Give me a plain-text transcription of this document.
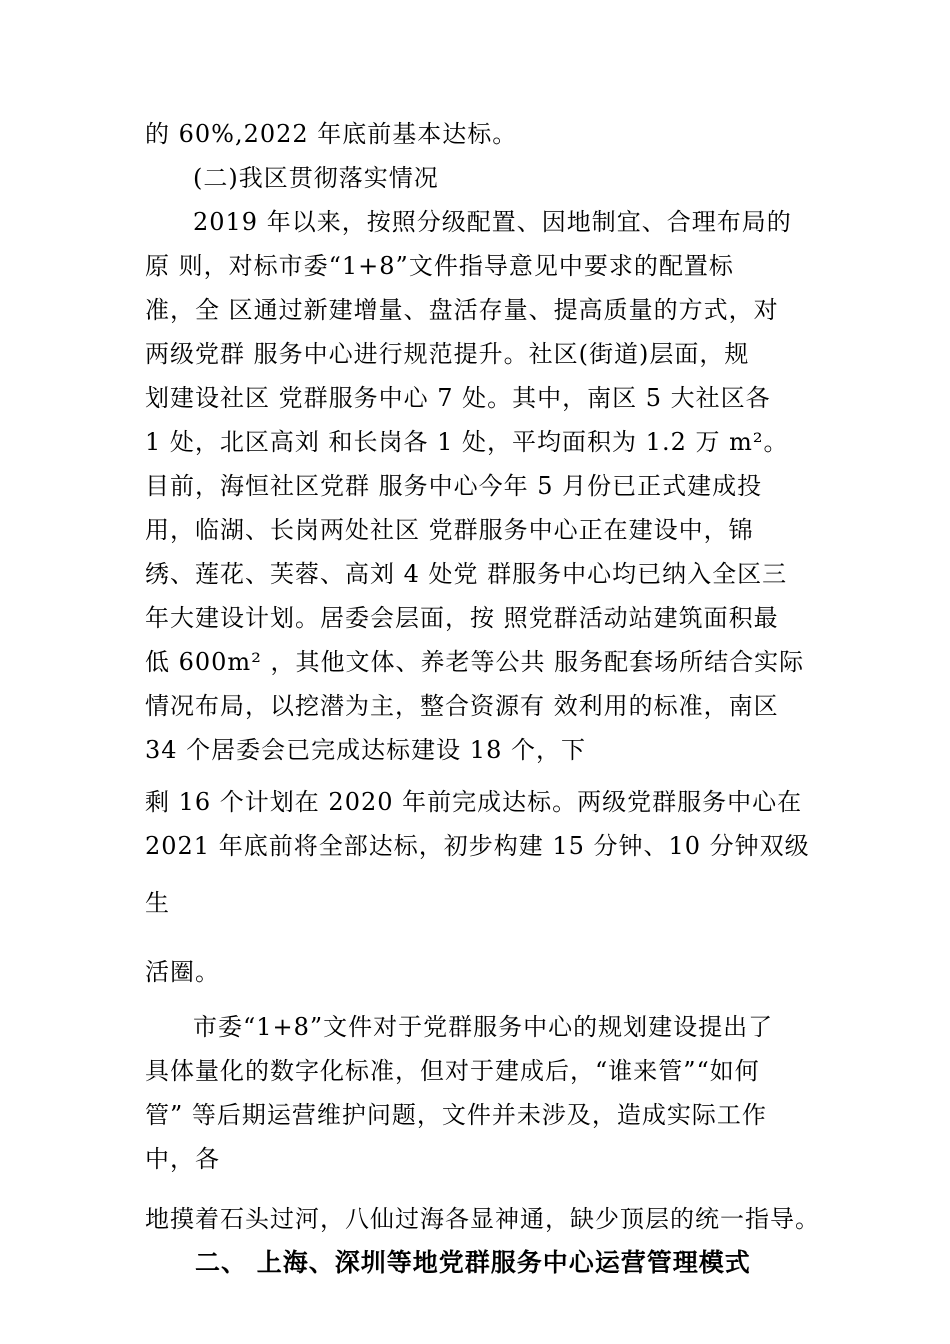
的 60%,2022 年底前基本达标。
(二)我区贯彻落实情况
2019 年以来，按照分级配置、因地制宜、合理布局的
原 则，对标市委“1+8”文件指导意见中要求的配置标
准，全 区通过新建增量、盘活存量、提高质量的方式，对
两级党群 服务中心进行规范提升。社区(街道)层面，规
划建设社区 党群服务中心 7 处。其中，南区 5 大社区各
1 处，北区高刘 和长岗各 1 处，平均面积为 1.2 万 m²。
目前，海恒社区党群 服务中心今年 5 月份已正式建成投
用，临湖、长岗两处社区 党群服务中心正在建设中，锦
绣、莲花、芙蓉、高刘 4 处党 群服务中心均已纳入全区三
年大建设计划。居委会层面，按 照党群活动站建筑面积最
低 600m² ，其他文体、养老等公共 服务配套场所结合实际
情况布局，以挖潜为主，整合资源有 效利用的标准，南区
34 个居委会已完成达标建设 18 个，下
剩 16 个计划在 2020 年前完成达标。两级党群服务中心在
2021 年底前将全部达标，初步构建 15 分钟、10 分钟双级
生
活圈。
市委“1+8”文件对于党群服务中心的规划建设提出了
具体量化的数字化标准，但对于建成后，“谁来管”“如何
管” 等后期运营维护问题，文件并未涉及，造成实际工作
中，各
地摸着石头过河，八仙过海各显神通，缺少顶层的统一指导。
二、 上海、深圳等地党群服务中心运营管理模式
